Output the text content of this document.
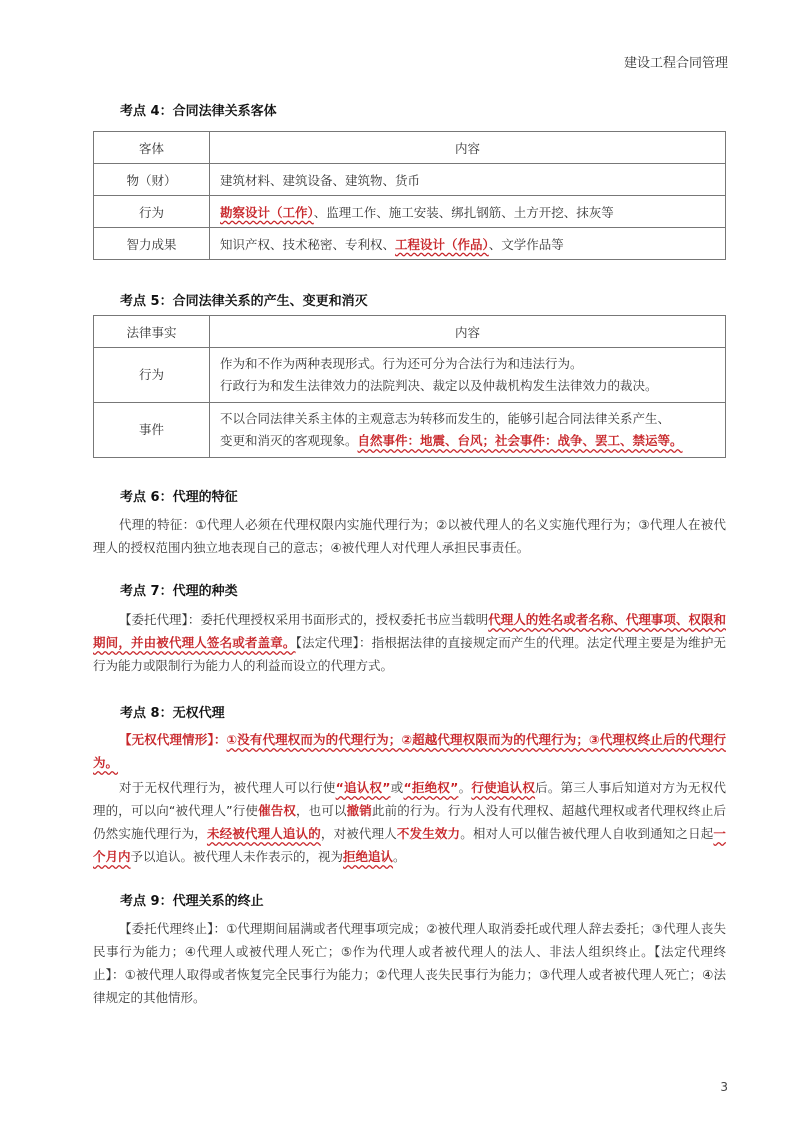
建设工程合同管理
考点 4：合同法律关系客体
客体	内容
物（财）	建筑材料、建筑设备、建筑物、货币
行为	勘察设计（工作）、监理工作、施工安装、绑扎钢筋、土方开挖、抹灰等
智力成果	知识产权、技术秘密、专利权、工程设计（作品）、文学作品等
考点 5：合同法律关系的产生、变更和消灭
法律事实	内容
行为	作为和不作为两种表现形式。行为还可分为合法行为和违法行为。
行政行为和发生法律效力的法院判决、裁定以及仲裁机构发生法律效力的裁决。

事件	不以合同法律关系主体的主观意志为转移而发生的，能够引起合同法律关系产生、
变更和消灭的客观现象。自然事件：地震、台风；社会事件：战争、罢工、禁运等。
考点 6：代理的特征

代理的特征：①代理人必须在代理权限内实施代理行为；②以被代理人的名义实施代理行为；③代理人在被代理人的授权范围内独立地表现自己的意志；④被代理人对代理人承担民事责任。

考点 7：代理的种类

【委托代理】：委托代理授权采用书面形式的，授权委托书应当载明代理人的姓名或者名称、代理事项、权限和期间，并由被代理人签名或者盖章。【法定代理】：指根据法律的直接规定而产生的代理。法定代理主要是为维护无行为能力或限制行为能力人的利益而设立的代理方式。

考点 8：无权代理

【无权代理情形】：①没有代理权而为的代理行为；②超越代理权限而为的代理行为；③代理权终止后的代理行为。

对于无权代理行为，被代理人可以行使“追认权”或“拒绝权”。行使追认权后。第三人事后知道对方为无权代理的，可以向“被代理人”行使催告权，也可以撤销此前的行为。行为人没有代理权、超越代理权或者代理权终止后仍然实施代理行为，未经被代理人追认的，对被代理人不发生效力。相对人可以催告被代理人自收到通知之日起一个月内予以追认。被代理人未作表示的，视为拒绝追认。

考点 9：代理关系的终止

【委托代理终止】：①代理期间届满或者代理事项完成；②被代理人取消委托或代理人辞去委托；③代理人丧失民事行为能力；④代理人或被代理人死亡；⑤作为代理人或者被代理人的法人、非法人组织终止。【法定代理终止】：①被代理人取得或者恢复完全民事行为能力；②代理人丧失民事行为能力；③代理人或者被代理人死亡；④法律规定的其他情形。

3
